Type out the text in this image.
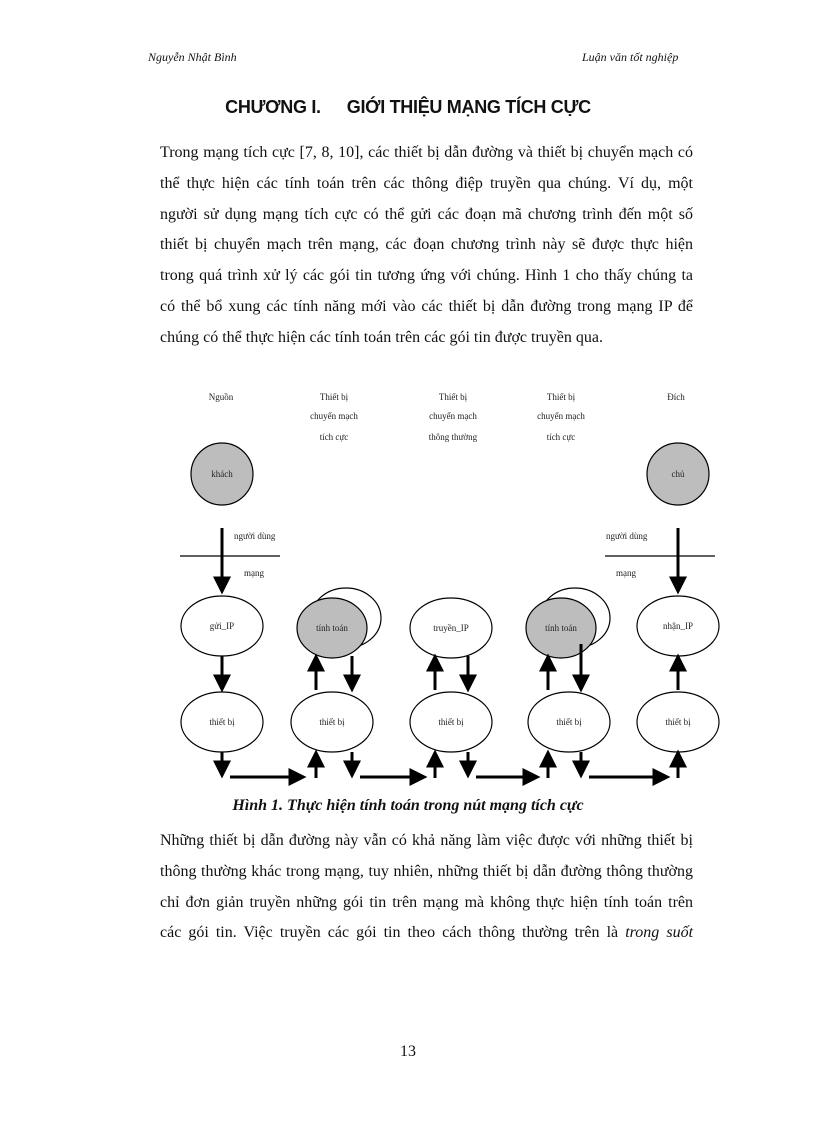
Nguyễn Nhật Bình	Luận văn tốt nghiệp
CHƯƠNG I. GIỚI THIỆU MẠNG TÍCH CỰC
Trong mạng tích cực [7, 8, 10], các thiết bị dẫn đường và thiết bị chuyển mạch có
thể thực hiện các tính toán trên các thông điệp truyền qua chúng. Ví dụ, một
người sử dụng mạng tích cực có thể gửi các đoạn mã chương trình đến một số
thiết bị chuyển mạch trên mạng, các đoạn chương trình này sẽ được thực hiện
trong quá trình xử lý các gói tin tương ứng với chúng. Hình 1 cho thấy chúng ta
có thể bổ xung các tính năng mới vào các thiết bị dẫn đường trong mạng IP để
chúng có thể thực hiện các tính toán trên các gói tin được truyền qua.
Nguồn	Thiết bị
chuyển mạch
tích cực
Thiết bị
chuyển mạch
thông thường
Thiết bị
chuyển mạch
tích cực
Đích
khách	chủ
người dùng
mạng
người dùng
mạng
gửi_IP	tính toán	truyền_IP	tính toán	nhận_IP
thiết bị	thiết bị	thiết bị	thiết bị	thiết bị
Hình 1. Thực hiện tính toán trong nút mạng tích cực
Những thiết bị dẫn đường này vẫn có khả năng làm việc được với những thiết bị
thông thường khác trong mạng, tuy nhiên, những thiết bị dẫn đường thông thường
chỉ đơn giản truyền những gói tin trên mạng mà không thực hiện tính toán trên
các gói tin. Việc truyền các gói tin theo cách thông thường trên là trong suốt
13
